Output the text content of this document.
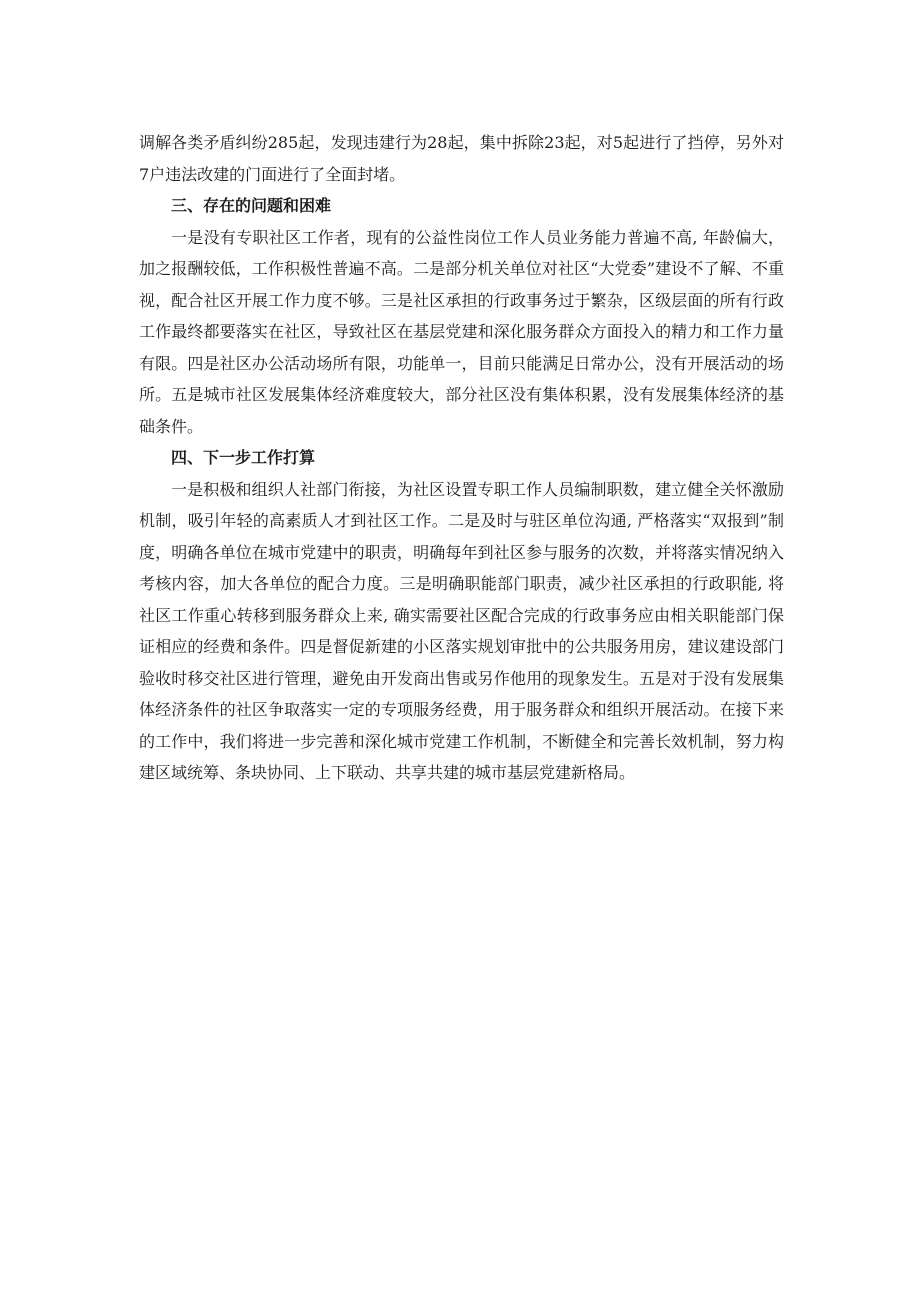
调解各类矛盾纠纷285起，发现违建行为28起，集中拆除23起，对5起进行了挡停，另外对7户违法改建的门面进行了全面封堵。

三、存在的问题和困难

一是没有专职社区工作者，现有的公益性岗位工作人员业务能力普遍不高, 年龄偏大，加之报酬较低，工作积极性普遍不高。二是部分机关单位对社区“大党委”建设不了解、不重视，配合社区开展工作力度不够。三是社区承担的行政事务过于繁杂，区级层面的所有行政工作最终都要落实在社区，导致社区在基层党建和深化服务群众方面投入的精力和工作力量有限。四是社区办公活动场所有限，功能单一，目前只能满足日常办公，没有开展活动的场所。五是城市社区发展集体经济难度较大，部分社区没有集体积累，没有发展集体经济的基础条件。

四、下一步工作打算

一是积极和组织人社部门衔接，为社区设置专职工作人员编制职数，建立健全关怀激励机制，吸引年轻的高素质人才到社区工作。二是及时与驻区单位沟通, 严格落实“双报到”制度，明确各单位在城市党建中的职责，明确每年到社区参与服务的次数，并将落实情况纳入考核内容，加大各单位的配合力度。三是明确职能部门职责，减少社区承担的行政职能, 将社区工作重心转移到服务群众上来, 确实需要社区配合完成的行政事务应由相关职能部门保证相应的经费和条件。四是督促新建的小区落实规划审批中的公共服务用房，建议建设部门验收时移交社区进行管理，避免由开发商出售或另作他用的现象发生。五是对于没有发展集体经济条件的社区争取落实一定的专项服务经费，用于服务群众和组织开展活动。在接下来的工作中，我们将进一步完善和深化城市党建工作机制，不断健全和完善长效机制，努力构建区域统筹、条块协同、上下联动、共享共建的城市基层党建新格局。
